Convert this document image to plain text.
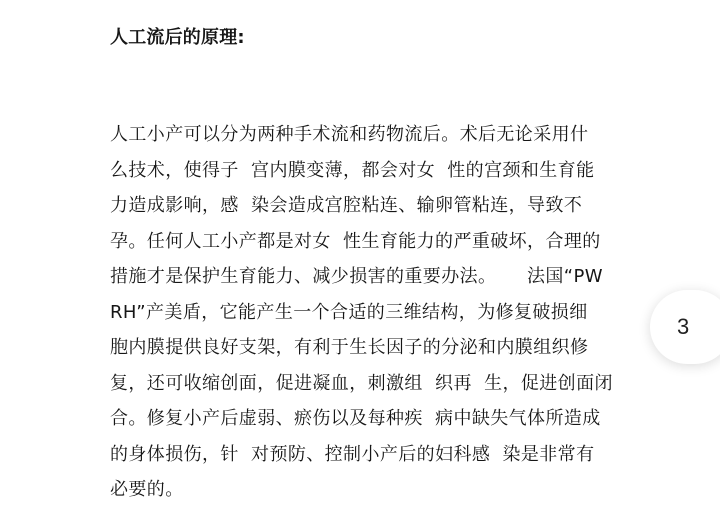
人工流后的原理:
人工小产可以分为两种手术流和药物流后。术后无论采用什
么技术，使得子  宫内膜变薄，都会对女  性的宫颈和生育能
力造成影响，感  染会造成宫腔粘连、输卵管粘连，导致不
孕。任何人工小产都是对女  性生育能力的严重破坏，合理的
措施才是保护生育能力、减少损害的重要办法。     法国“PW
RH”产美盾，它能产生一个合适的三维结构，为修复破损细
胞内膜提供良好支架，有利于生长因子的分泌和内膜组织修
复，还可收缩创面，促进凝血，刺激组  织再  生，促进创面闭
合。修复小产后虚弱、瘀伤以及每种疾  病中缺失气体所造成
的身体损伤，针  对预防、控制小产后的妇科感  染是非常有
必要的。
3
